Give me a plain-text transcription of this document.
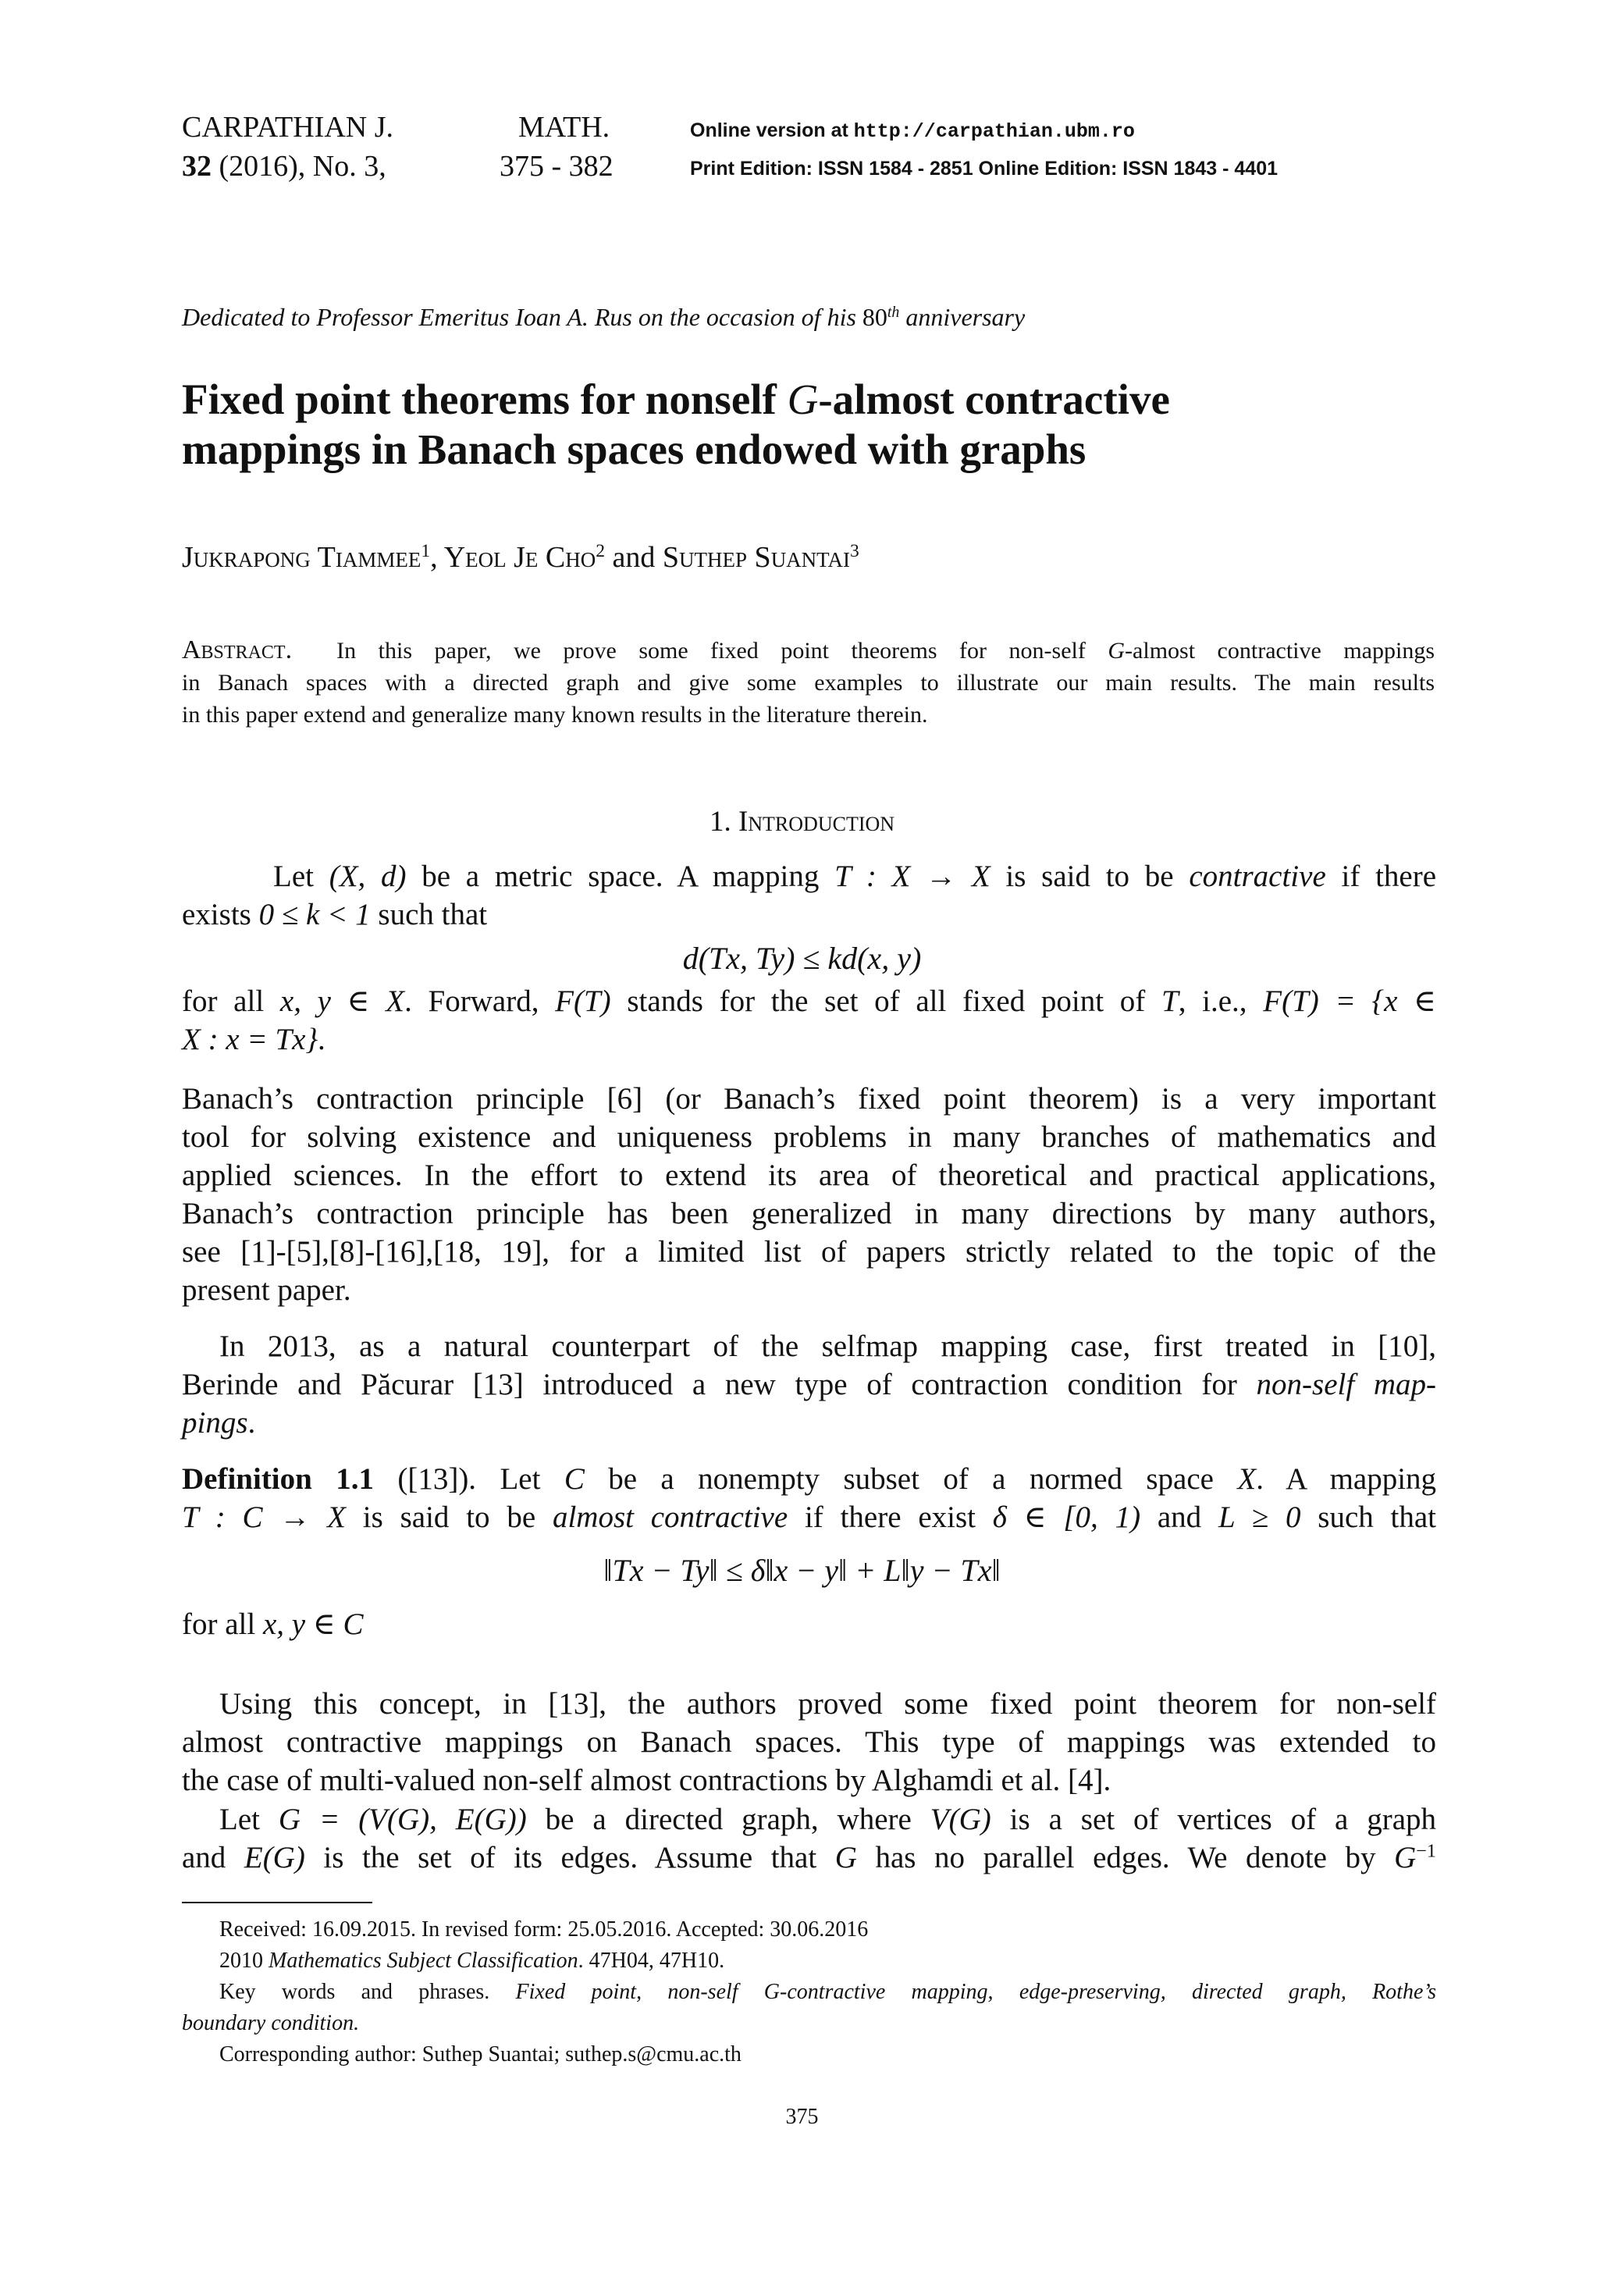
CARPATHIAN J.	MATH.
32 (2016), No. 3,	375 - 382
Online version at http://carpathian.ubm.ro
Print Edition: ISSN 1584 - 2851 Online Edition: ISSN 1843 - 4401
Dedicated to Professor Emeritus Ioan A. Rus on the occasion of his 80th anniversary
Fixed point theorems for nonself G-almost contractive
mappings in Banach spaces endowed with graphs
Jukrapong Tiammee$^1$, Yeol Je Cho$^2$ and Suthep Suantai$^3$
Abstract. In this paper, we prove some fixed point theorems for non-self G-almost contractive mappings
in Banach spaces with a directed graph and give some examples to illustrate our main results. The main results
in this paper extend and generalize many known results in the literature therein.
1. Introduction
Let (X, d) be a metric space. A mapping T : X → X is said to be contractive if there
exists 0 ≤ k < 1 such that
d(Tx, Ty) ≤ kd(x, y)
for all x, y ∈ X. Forward, F(T) stands for the set of all fixed point of T, i.e., F(T) = {x ∈
X : x = Tx}.
Banach’s contraction principle [6] (or Banach’s fixed point theorem) is a very important
tool for solving existence and uniqueness problems in many branches of mathematics and
applied sciences. In the effort to extend its area of theoretical and practical applications,
Banach’s contraction principle has been generalized in many directions by many authors,
see [1]-[5],[8]-[16],[18, 19], for a limited list of papers strictly related to the topic of the
present paper.
In 2013, as a natural counterpart of the selfmap mapping case, first treated in [10],
Berinde and Păcurar [13] introduced a new type of contraction condition for non-self map-
pings.
Definition 1.1 ([13]). Let C be a nonempty subset of a normed space X. A mapping
T : C → X is said to be almost contractive if there exist δ ∈ [0, 1) and L ≥ 0 such that
‖Tx − Ty‖ ≤ δ‖x − y‖ + L‖y − Tx‖
for all x, y ∈ C
Using this concept, in [13], the authors proved some fixed point theorem for non-self
almost contractive mappings on Banach spaces. This type of mappings was extended to
the case of multi-valued non-self almost contractions by Alghamdi et al. [4].
Let G = (V(G), E(G)) be a directed graph, where V(G) is a set of vertices of a graph
and E(G) is the set of its edges. Assume that G has no parallel edges. We denote by $G^{-1}$
Received: 16.09.2015. In revised form: 25.05.2016. Accepted: 30.06.2016
2010 Mathematics Subject Classification. 47H04, 47H10.
Key words and phrases. Fixed point, non-self G-contractive mapping, edge-preserving, directed graph, Rothe’s
boundary condition.
Corresponding author: Suthep Suantai; suthep.s@cmu.ac.th
375
